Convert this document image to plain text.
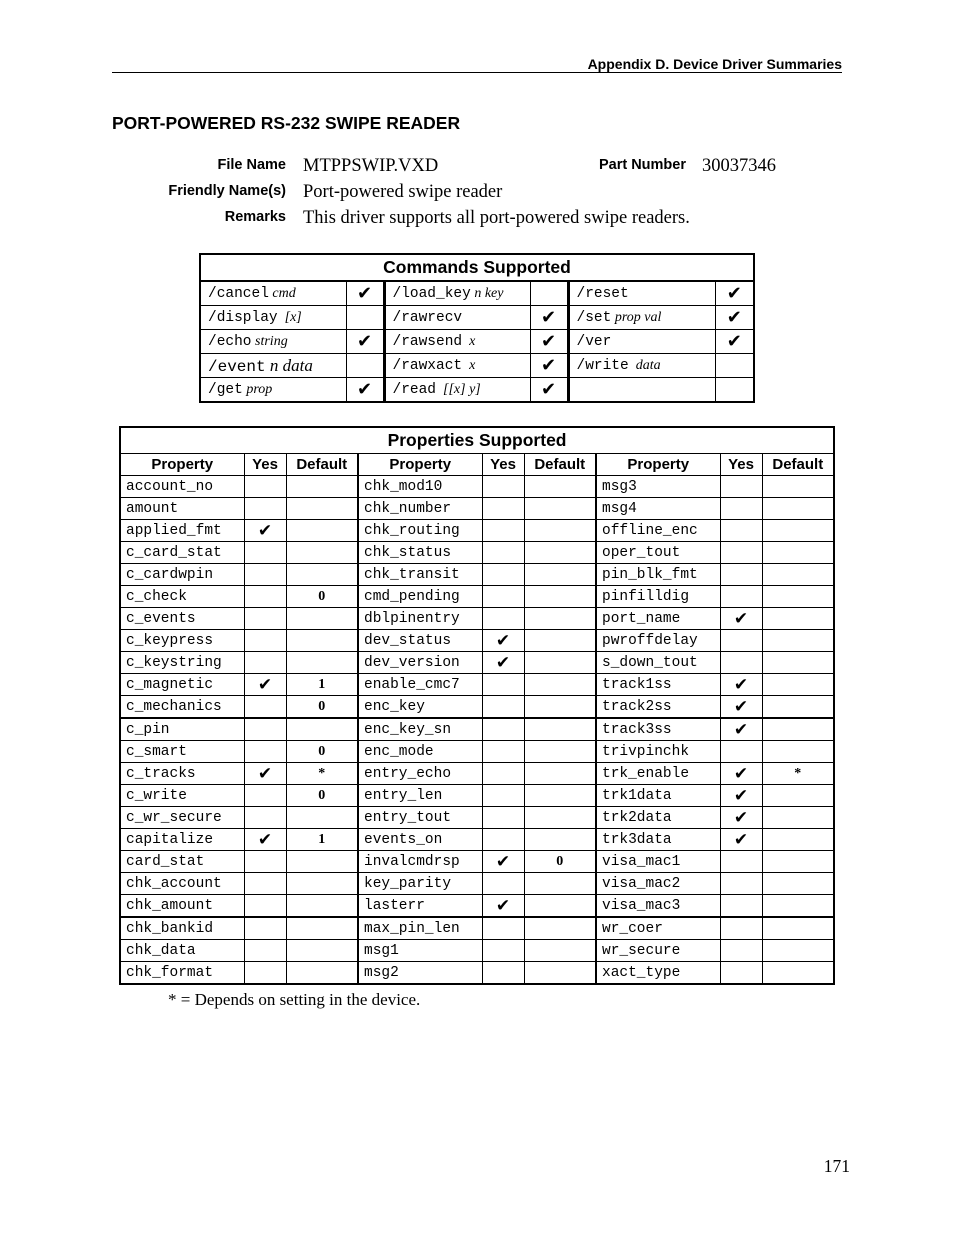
Appendix D. Device Driver Summaries
PORT-POWERED RS-232 SWIPE READER
File Name MTPPSWIP.VXD	Part Number 30037346
Friendly Name(s) Port-powered swipe reader
Remarks This driver supports all port-powered swipe readers.
Commands Supported					
/cancel cmd	✔	/load_key n key		/reset	✔
/display  [x]		/rawrecv	✔	/set prop val	✔
/echo string	✔	/rawsend  x	✔	/ver	✔
/event n data		/rawxact  x	✔	/write  data	
/get prop	✔	/read  [[x] y]	✔		
Properties Supported								
Property	Yes	Default	Property	Yes	Default	Property	Yes	Default
account_no			chk_mod10			msg3		
amount			chk_number			msg4		
applied_fmt	✔		chk_routing			offline_enc		
c_card_stat			chk_status			oper_tout		
c_cardwpin			chk_transit			pin_blk_fmt		
c_check		0	cmd_pending			pinfilldig		
c_events			dblpinentry			port_name	✔	
c_keypress			dev_status	✔		pwroffdelay		
c_keystring			dev_version	✔		s_down_tout		
c_magnetic	✔	1	enable_cmc7			track1ss	✔	
c_mechanics		0	enc_key			track2ss	✔	
c_pin			enc_key_sn			track3ss	✔	
c_smart		0	enc_mode			trivpinchk		
c_tracks	✔	*	entry_echo			trk_enable	✔	*
c_write		0	entry_len			trk1data	✔	
c_wr_secure			entry_tout			trk2data	✔	
capitalize	✔	1	events_on			trk3data	✔	
card_stat			invalcmdrsp	✔	0	visa_mac1		
chk_account			key_parity			visa_mac2		
chk_amount			lasterr	✔		visa_mac3		
chk_bankid			max_pin_len			wr_coer		
chk_data			msg1			wr_secure		
chk_format			msg2			xact_type		
* = Depends on setting in the device.
171
